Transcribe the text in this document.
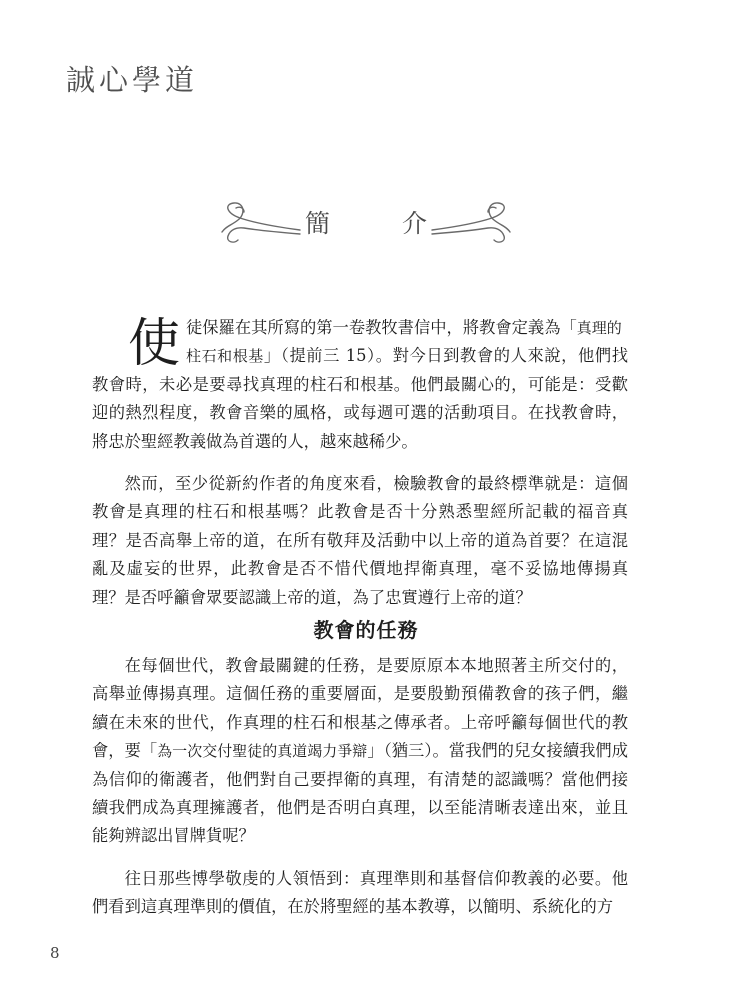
誠心學道
簡 介

使徒保羅在其所寫的第一卷教牧書信中，將教會定義為「真理的
柱石和根基」（提前三 15）。對今日到教會的人來說，他們找教會時，未必是要尋找真理的柱石和根基。他們最關心的，可能是：受歡迎的熱烈程度，教會音樂的風格，或每週可選的活動項目。在找教會時，將忠於聖經教義做為首選的人，越來越稀少。

然而，至少從新約作者的角度來看，檢驗教會的最終標準就是：這個教會是真理的柱石和根基嗎？此教會是否十分熟悉聖經所記載的福音真理？是否高舉上帝的道，在所有敬拜及活動中以上帝的道為首要？在這混亂及虛妄的世界，此教會是否不惜代價地捍衛真理，毫不妥協地傳揚真理？是否呼籲會眾要認識上帝的道，為了忠實遵行上帝的道？

教會的任務

在每個世代，教會最關鍵的任務，是要原原本本地照著主所交付的，高舉並傳揚真理。這個任務的重要層面，是要殷勤預備教會的孩子們，繼續在未來的世代，作真理的柱石和根基之傳承者。上帝呼籲每個世代的教會，要「為一次交付聖徒的真道竭力爭辯」（猶三）。當我們的兒女接續我們成為信仰的衛護者，他們對自己要捍衛的真理，有清楚的認識嗎？當他們接續我們成為真理擁護者，他們是否明白真理，以至能清晰表達出來，並且能夠辨認出冒牌貨呢？

往日那些博學敬虔的人領悟到：真理準則和基督信仰教義的必要。他們看到這真理準則的價值，在於將聖經的基本教導，以簡明、系統化的方

8
